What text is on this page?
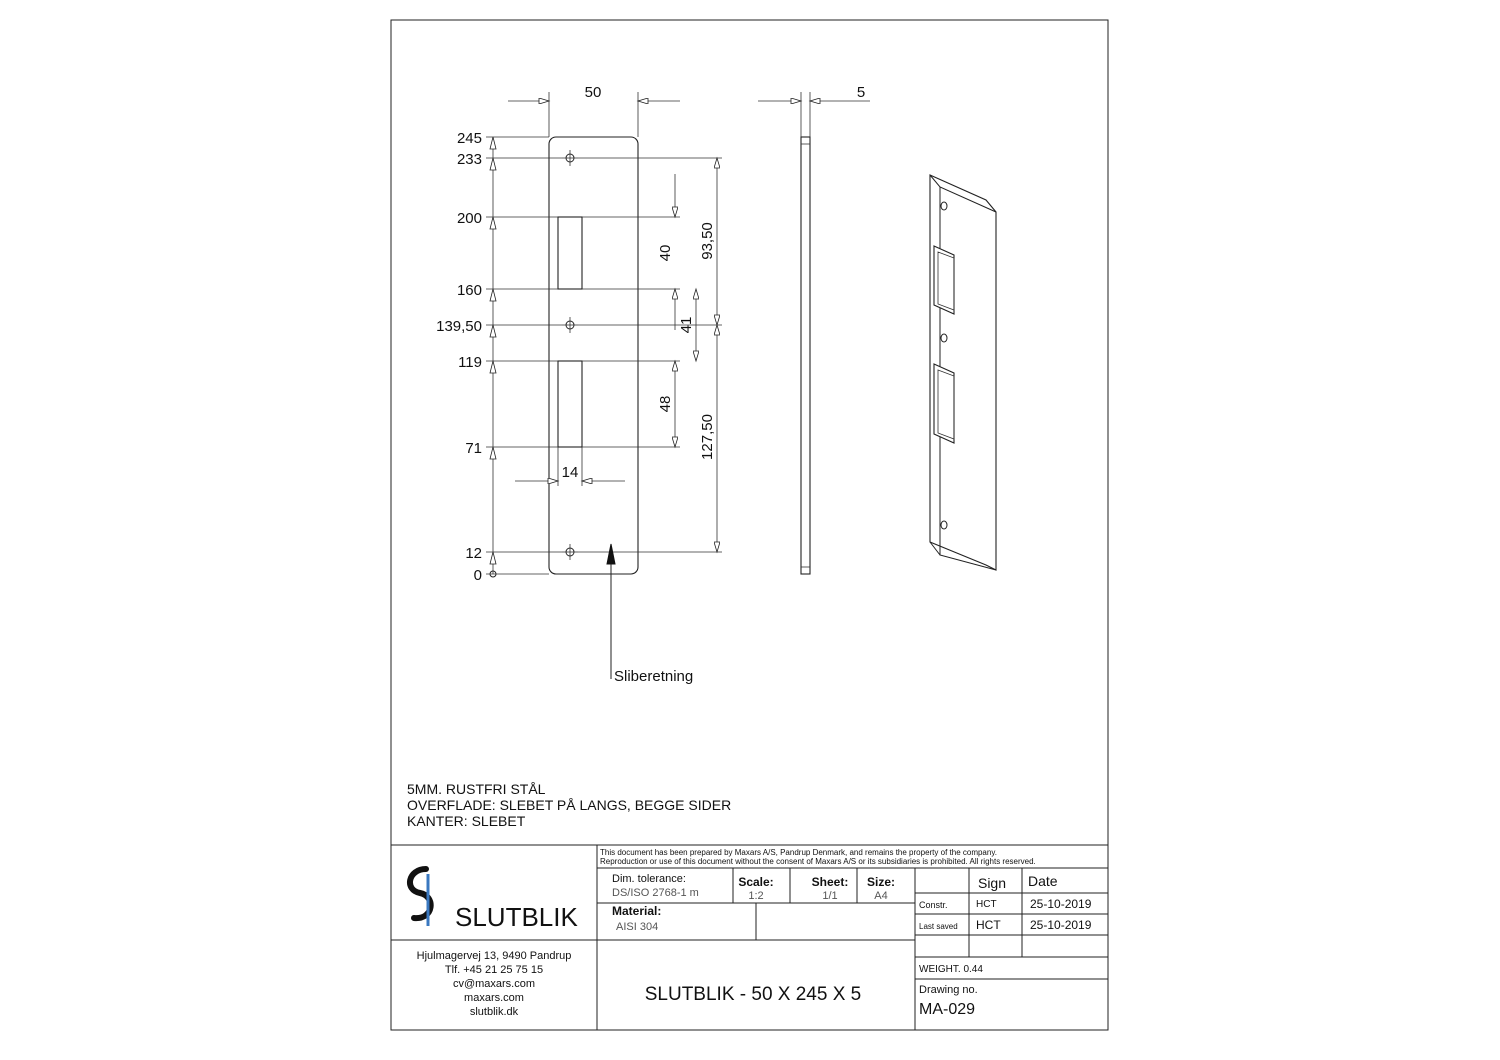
245
233
200
160
139,50
119
71
12
0
50
14
40
41
48
93,50
127,50
Sliberetning
5
5MM. RUSTFRI STÅL
OVERFLADE: SLEBET PÅ LANGS, BEGGE SIDER
KANTER: SLEBET
This document has been prepared by Maxars A/S, Pandrup Denmark, and remains the property of the company.
Reproduction or use of this document without the consent of Maxars A/S or its subsidiaries is prohibited. All rights reserved.
SLUTBLIK
Hjulmagervej 13, 9490 Pandrup
Tlf. +45 21 25 75 15
cv@maxars.com
maxars.com
slutblik.dk
Dim. tolerance:
DS/ISO 2768-1 m
Scale:
1:2
Sheet:
1/1
Size:
A4
Material:
AISI 304
Sign Date
Constr.	HCT	25-10-2019
Last saved HCT 25-10-2019
WEIGHT. 0.44
Drawing no.
MA-029
SLUTBLIK - 50 X 245 X 5
